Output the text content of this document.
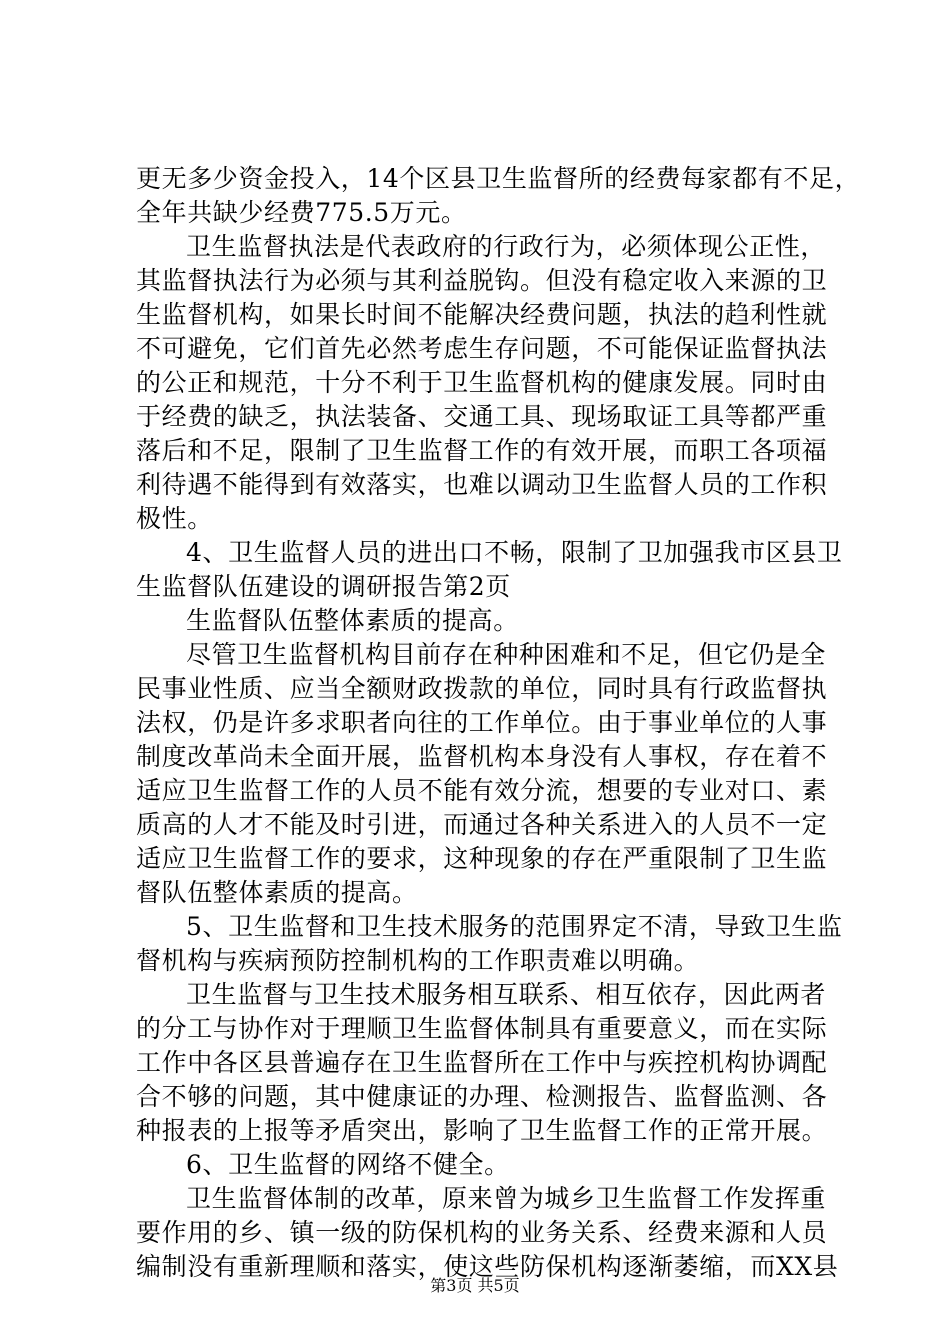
更无多少资金投入，14个区县卫生监督所的经费每家都有不足，
全年共缺少经费775.5万元。
卫生监督执法是代表政府的行政行为，必须体现公正性，
其监督执法行为必须与其利益脱钩。但没有稳定收入来源的卫
生监督机构，如果长时间不能解决经费问题，执法的趋利性就
不可避免，它们首先必然考虑生存问题，不可能保证监督执法
的公正和规范，十分不利于卫生监督机构的健康发展。同时由
于经费的缺乏，执法装备、交通工具、现场取证工具等都严重
落后和不足，限制了卫生监督工作的有效开展，而职工各项福
利待遇不能得到有效落实，也难以调动卫生监督人员的工作积
极性。
4、卫生监督人员的进出口不畅，限制了卫加强我市区县卫
生监督队伍建设的调研报告第2页
生监督队伍整体素质的提高。
尽管卫生监督机构目前存在种种困难和不足，但它仍是全
民事业性质、应当全额财政拨款的单位，同时具有行政监督执
法权，仍是许多求职者向往的工作单位。由于事业单位的人事
制度改革尚未全面开展，监督机构本身没有人事权，存在着不
适应卫生监督工作的人员不能有效分流，想要的专业对口、素
质高的人才不能及时引进，而通过各种关系进入的人员不一定
适应卫生监督工作的要求，这种现象的存在严重限制了卫生监
督队伍整体素质的提高。
5、卫生监督和卫生技术服务的范围界定不清，导致卫生监
督机构与疾病预防控制机构的工作职责难以明确。
卫生监督与卫生技术服务相互联系、相互依存，因此两者
的分工与协作对于理顺卫生监督体制具有重要意义，而在实际
工作中各区县普遍存在卫生监督所在工作中与疾控机构协调配
合不够的问题，其中健康证的办理、检测报告、监督监测、各
种报表的上报等矛盾突出，影响了卫生监督工作的正常开展。
6、卫生监督的网络不健全。
卫生监督体制的改革，原来曾为城乡卫生监督工作发挥重
要作用的乡、镇一级的防保机构的业务关系、经费来源和人员
编制没有重新理顺和落实，使这些防保机构逐渐萎缩，而XX县
第3页 共5页
